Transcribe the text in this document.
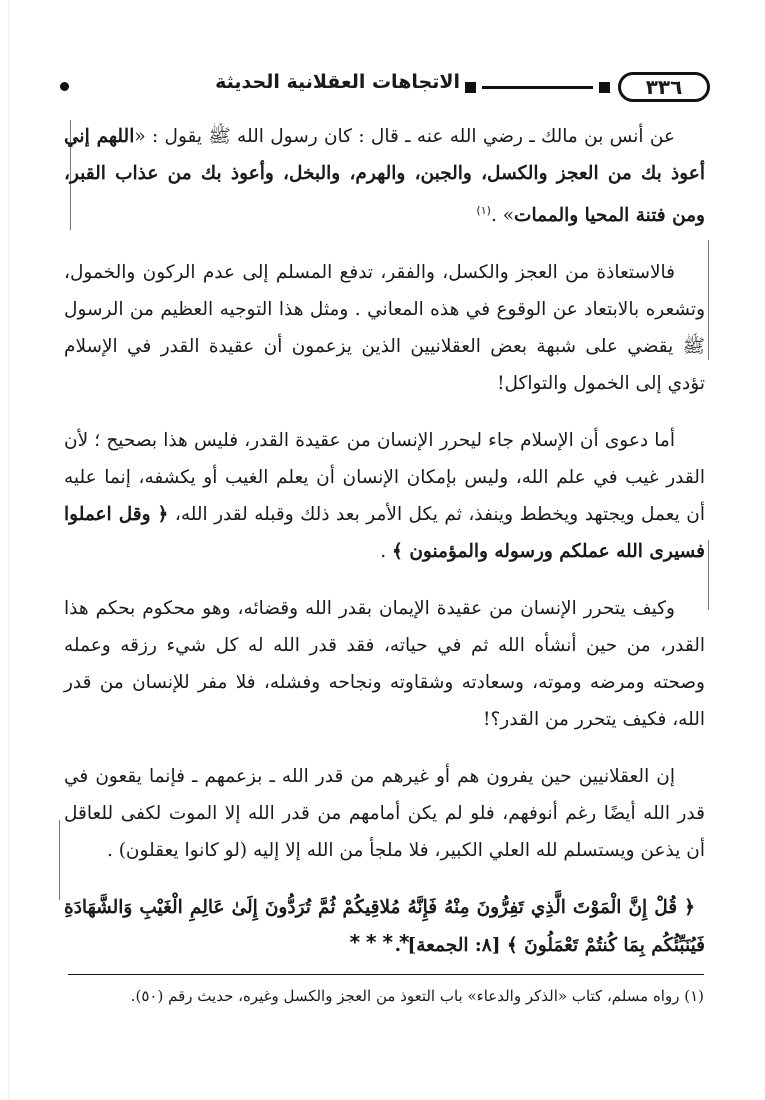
٣٣٦
الاتجاهات العقلانية الحديثة

عن أنس بن مالك ـ رضي الله عنه ـ قال : كان رسول الله ﷺ يقول : «اللهم إني أعوذ بك من العجز والكسل، والجبن، والهرم، والبخل، وأعوذ بك من عذاب القبر، ومن فتنة المحيا والممات» .$^{(١)}$

فالاستعاذة من العجز والكسل، والفقر، تدفع المسلم إلى عدم الركون والخمول، وتشعره بالابتعاد عن الوقوع في هذه المعاني . ومثل هذا التوجيه العظيم من الرسول ﷺ يقضي على شبهة بعض العقلانيين الذين يزعمون أن عقيدة القدر في الإسلام تؤدي إلى الخمول والتواكل!

أما دعوى أن الإسلام جاء ليحرر الإنسان من عقيدة القدر، فليس هذا بصحيح ؛ لأن القدر غيب في علم الله، وليس بإمكان الإنسان أن يعلم الغيب أو يكشفه، إنما عليه أن يعمل ويجتهد ويخطط وينفذ، ثم يكل الأمر بعد ذلك وقبله لقدر الله، ﴿ وقل اعملوا فسيرى الله عملكم ورسوله والمؤمنون ﴾ .

وكيف يتحرر الإنسان من عقيدة الإيمان بقدر الله وقضائه، وهو محكوم بحكم هذا القدر، من حين أنشأه الله ثم في حياته، فقد قدر الله له كل شيء رزقه وعمله وصحته ومرضه وموته، وسعادته وشقاوته ونجاحه وفشله، فلا مفر للإنسان من قدر الله، فكيف يتحرر من القدر؟!

إن العقلانيين حين يفرون هم أو غيرهم من قدر الله ـ بزعمهم ـ فإنما يقعون في قدر الله أيضًا رغم أنوفهم، فلو لم يكن أمامهم من قدر الله إلا الموت لكفى للعاقل أن يذعن ويستسلم لله العلي الكبير، فلا ملجأ من الله إلا إليه (لو كانوا يعقلون) .

﴿ قُلْ إِنَّ الْمَوْتَ الَّذِي تَفِرُّونَ مِنْهُ فَإِنَّهُ مُلاقِيكُمْ ثُمَّ تُرَدُّونَ إِلَىٰ عَالِمِ الْغَيْبِ وَالشَّهَادَةِ فَيُنَبِّئُكُم بِمَا كُنتُمْ تَعْمَلُونَ ﴾ [٨: الجمعة] .

****
(١) رواه مسلم، كتاب «الذكر والدعاء» باب التعوذ من العجز والكسل وغيره، حديث رقم (٥٠).
